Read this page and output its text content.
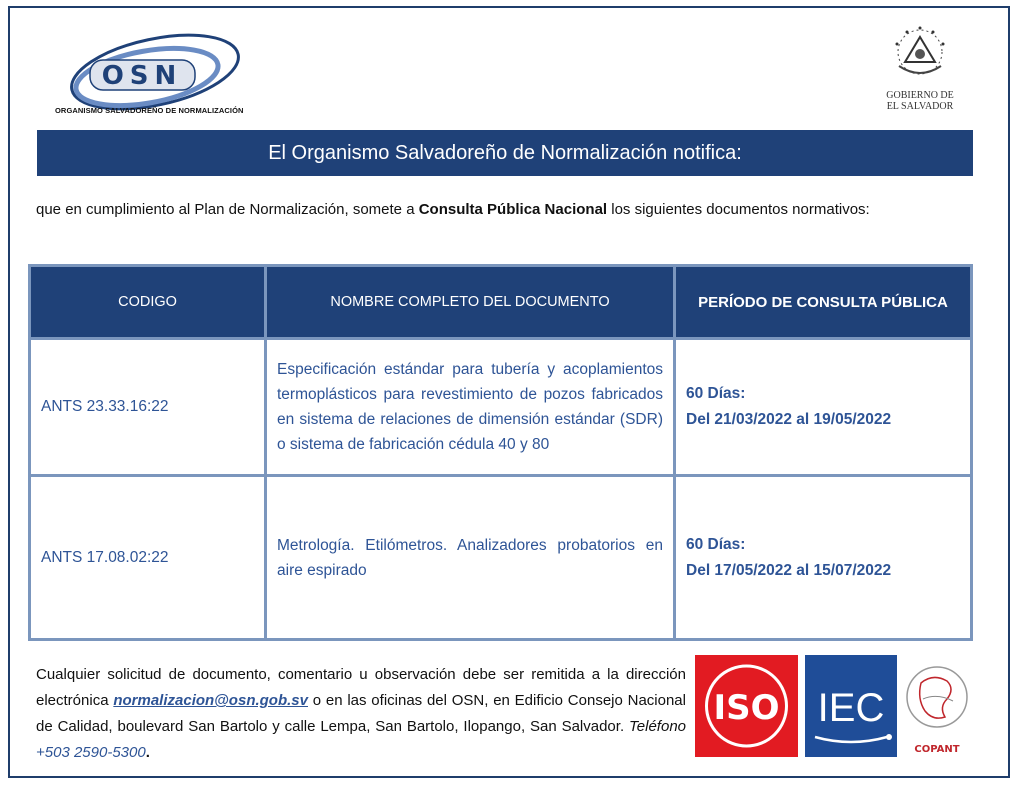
OSN
ORGANISMO SALVADOREÑO DE NORMALIZACIÓN
GOBIERNO DE
EL SALVADOR
El Organismo Salvadoreño de Normalización notifica:
que en cumplimiento al Plan de Normalización, somete a Consulta Pública Nacional los siguientes documentos normativos:
CODIGO	NOMBRE COMPLETO DEL DOCUMENTO	PERÍODO DE CONSULTA PÚBLICA
ANTS 23.33.16:22	Especificación estándar para tubería y acoplamientos termoplásticos para revestimiento de pozos fabricados en sistema de relaciones de dimensión estándar (SDR) o sistema de fabricación cédula 40 y 80	60 Días:
Del 21/03/2022 al 19/05/2022

ANTS 17.08.02:22	Metrología. Etilómetros. Analizadores probatorios en aire espirado	60 Días:
Del 17/05/2022 al 15/07/2022
Cualquier solicitud de documento, comentario u observación debe ser remitida a la dirección electrónica normalizacion@osn.gob.sv o en las oficinas del OSN, en Edificio Consejo Nacional de Calidad, boulevard San Bartolo y calle Lempa, San Bartolo, Ilopango, San Salvador. Teléfono +503 2590-5300.
ISO IEC
COPANT
